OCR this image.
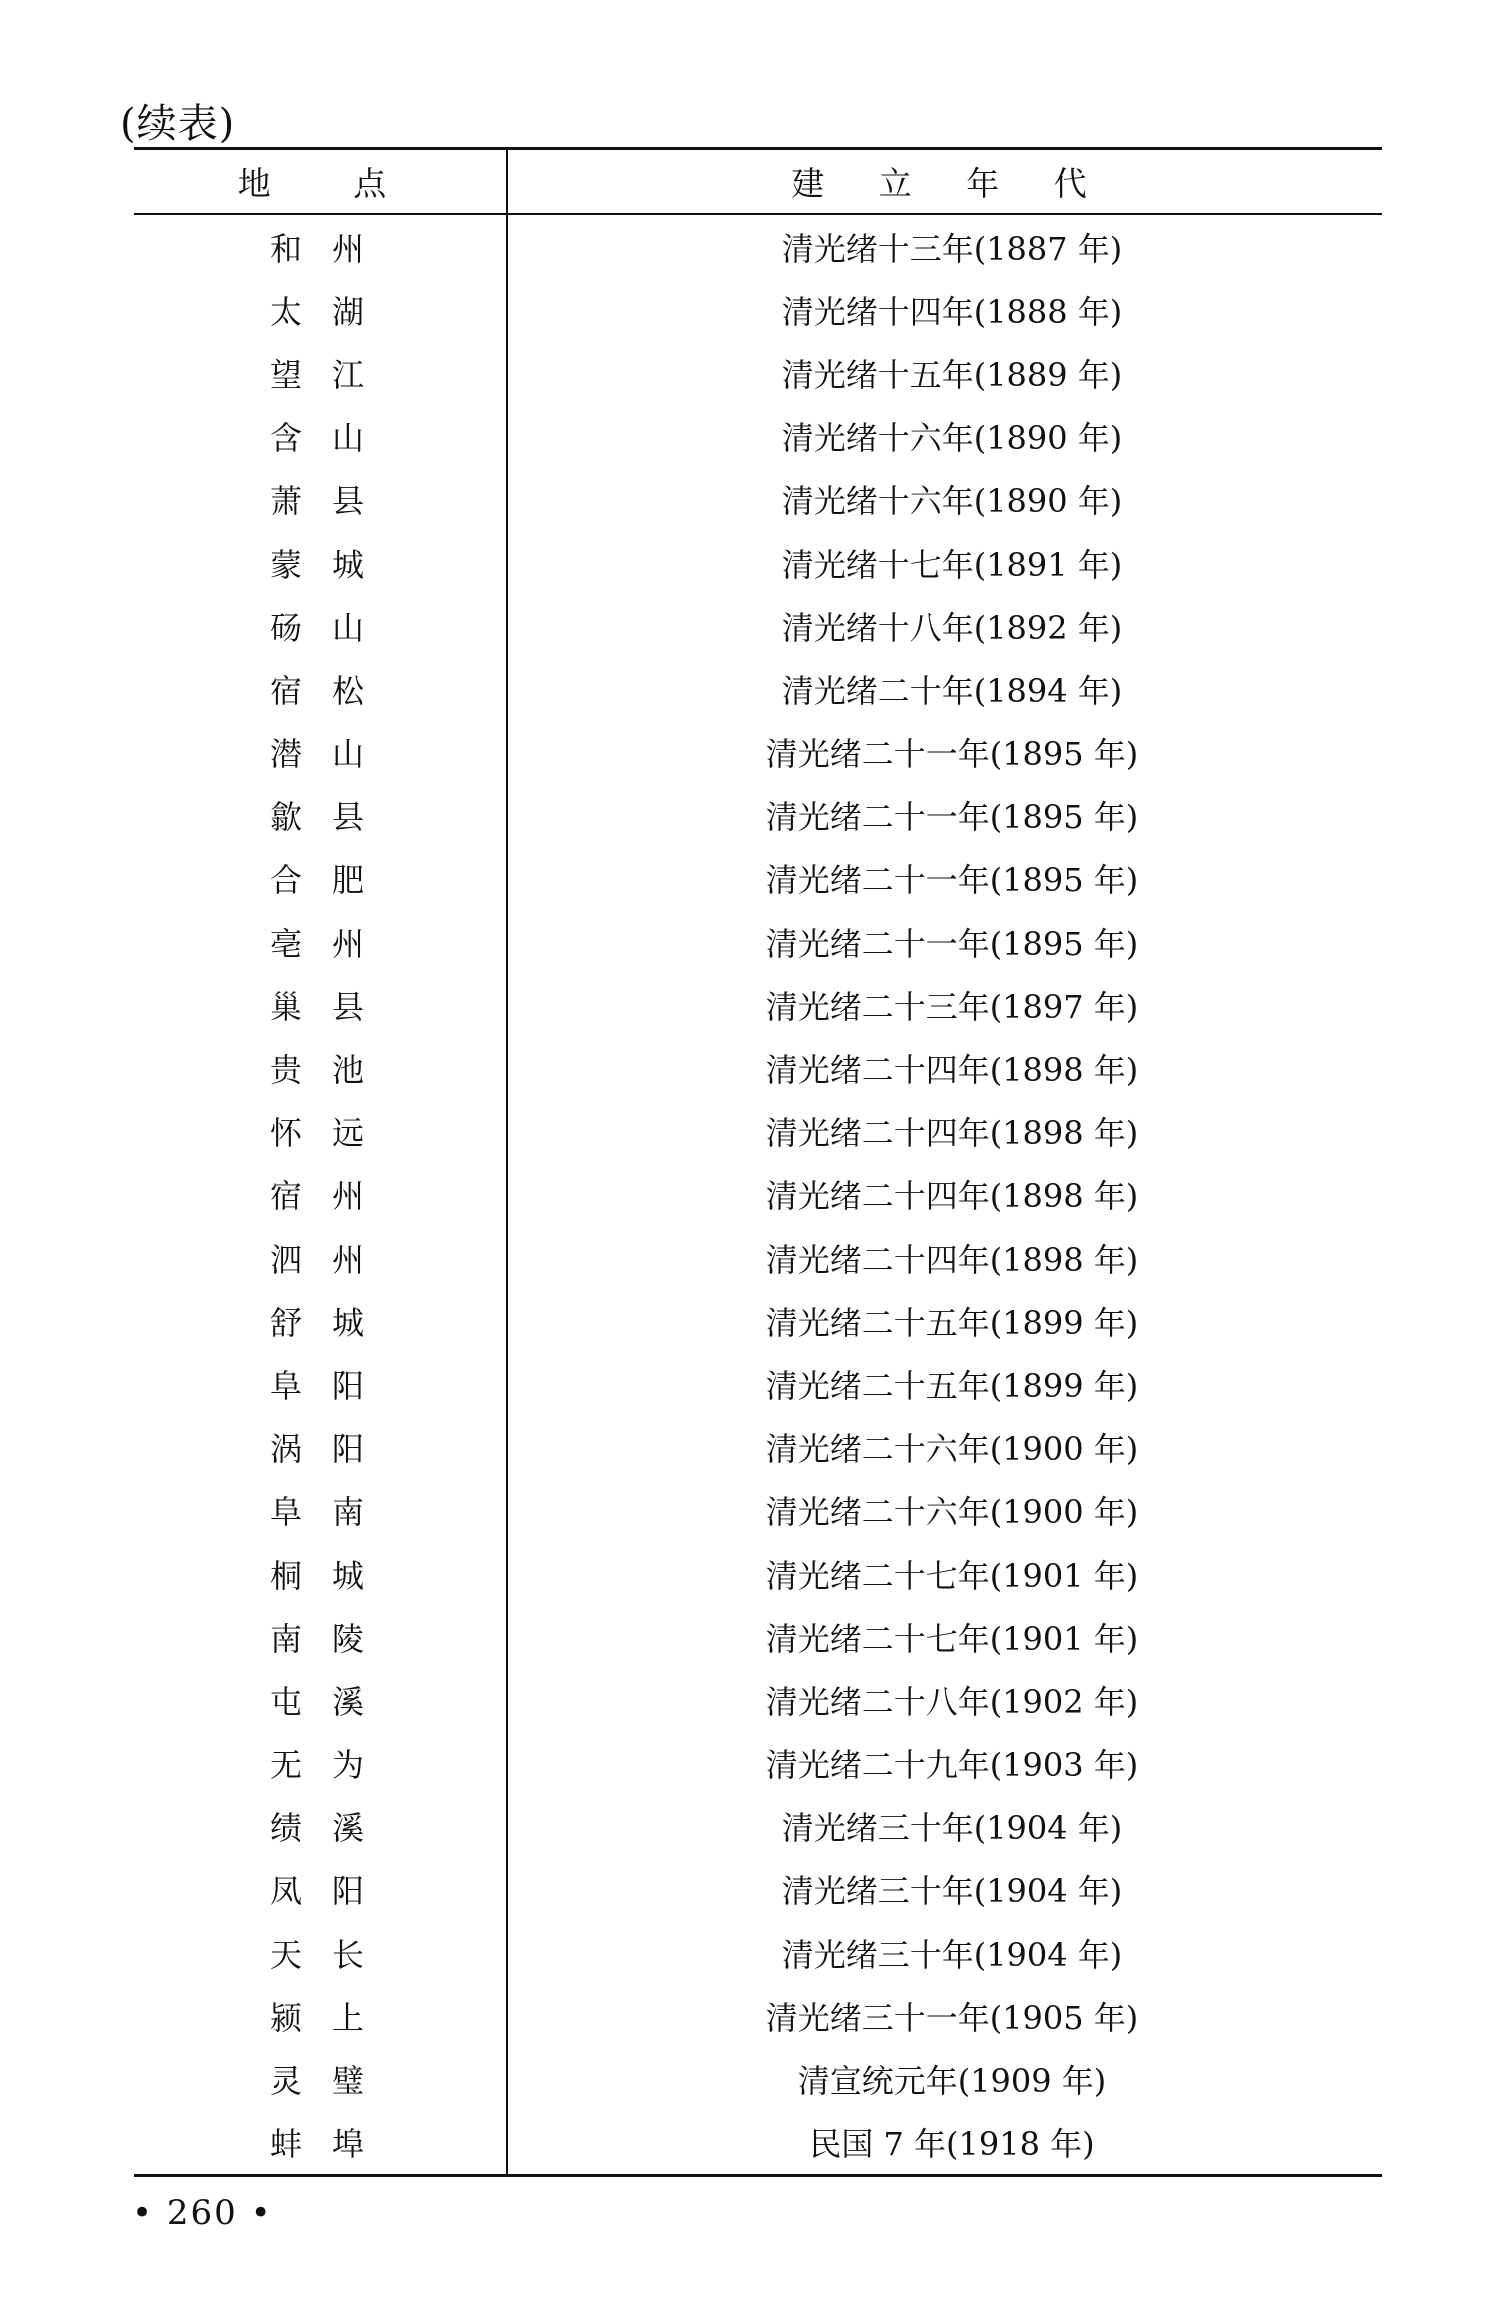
(续表)
地 点	建 立 年 代
和州	清光绪十三年(1887 年)
太湖	清光绪十四年(1888 年)
望江	清光绪十五年(1889 年)
含山	清光绪十六年(1890 年)
萧县	清光绪十六年(1890 年)
蒙城	清光绪十七年(1891 年)
砀山	清光绪十八年(1892 年)
宿松	清光绪二十年(1894 年)
潜山	清光绪二十一年(1895 年)
歙县	清光绪二十一年(1895 年)
合肥	清光绪二十一年(1895 年)
亳州	清光绪二十一年(1895 年)
巢县	清光绪二十三年(1897 年)
贵池	清光绪二十四年(1898 年)
怀远	清光绪二十四年(1898 年)
宿州	清光绪二十四年(1898 年)
泗州	清光绪二十四年(1898 年)
舒城	清光绪二十五年(1899 年)
阜阳	清光绪二十五年(1899 年)
涡阳	清光绪二十六年(1900 年)
阜南	清光绪二十六年(1900 年)
桐城	清光绪二十七年(1901 年)
南陵	清光绪二十七年(1901 年)
屯溪	清光绪二十八年(1902 年)
无为	清光绪二十九年(1903 年)
绩溪	清光绪三十年(1904 年)
凤阳	清光绪三十年(1904 年)
天长	清光绪三十年(1904 年)
颍上	清光绪三十一年(1905 年)
灵璧	清宣统元年(1909 年)
蚌埠	民国 7 年(1918 年)
• 260 •
